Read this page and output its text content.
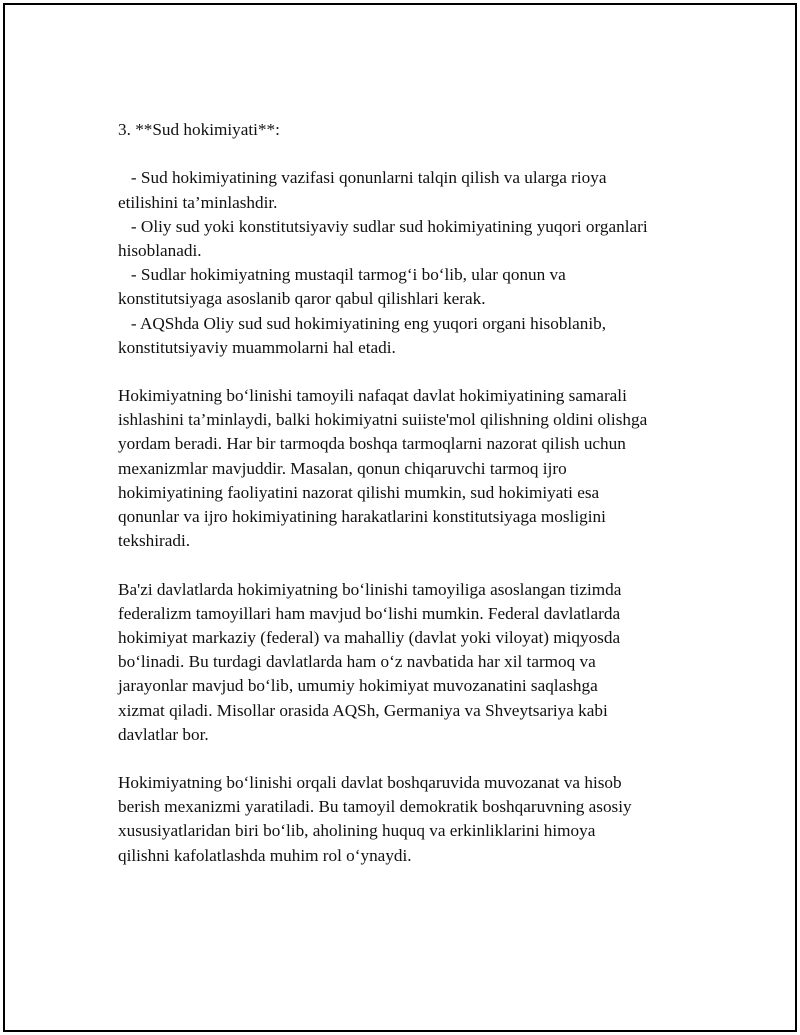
3. **Sud hokimiyati**:
- Sud hokimiyatining vazifasi qonunlarni talqin qilish va ularga rioya
etilishini ta’minlashdir.
- Oliy sud yoki konstitutsiyaviy sudlar sud hokimiyatining yuqori organlari
hisoblanadi.
- Sudlar hokimiyatning mustaqil tarmog‘i bo‘lib, ular qonun va
konstitutsiyaga asoslanib qaror qabul qilishlari kerak.
- AQShda Oliy sud sud hokimiyatining eng yuqori organi hisoblanib,
konstitutsiyaviy muammolarni hal etadi.
Hokimiyatning bo‘linishi tamoyili nafaqat davlat hokimiyatining samarali
ishlashini ta’minlaydi, balki hokimiyatni suiiste'mol qilishning oldini olishga
yordam beradi. Har bir tarmoqda boshqa tarmoqlarni nazorat qilish uchun
mexanizmlar mavjuddir. Masalan, qonun chiqaruvchi tarmoq ijro
hokimiyatining faoliyatini nazorat qilishi mumkin, sud hokimiyati esa
qonunlar va ijro hokimiyatining harakatlarini konstitutsiyaga mosligini
tekshiradi.
Ba'zi davlatlarda hokimiyatning bo‘linishi tamoyiliga asoslangan tizimda
federalizm tamoyillari ham mavjud bo‘lishi mumkin. Federal davlatlarda
hokimiyat markaziy (federal) va mahalliy (davlat yoki viloyat) miqyosda
bo‘linadi. Bu turdagi davlatlarda ham o‘z navbatida har xil tarmoq va
jarayonlar mavjud bo‘lib, umumiy hokimiyat muvozanatini saqlashga
xizmat qiladi. Misollar orasida AQSh, Germaniya va Shveytsariya kabi
davlatlar bor.
Hokimiyatning bo‘linishi orqali davlat boshqaruvida muvozanat va hisob
berish mexanizmi yaratiladi. Bu tamoyil demokratik boshqaruvning asosiy
xususiyatlaridan biri bo‘lib, aholining huquq va erkinliklarini himoya
qilishni kafolatlashda muhim rol o‘ynaydi.
